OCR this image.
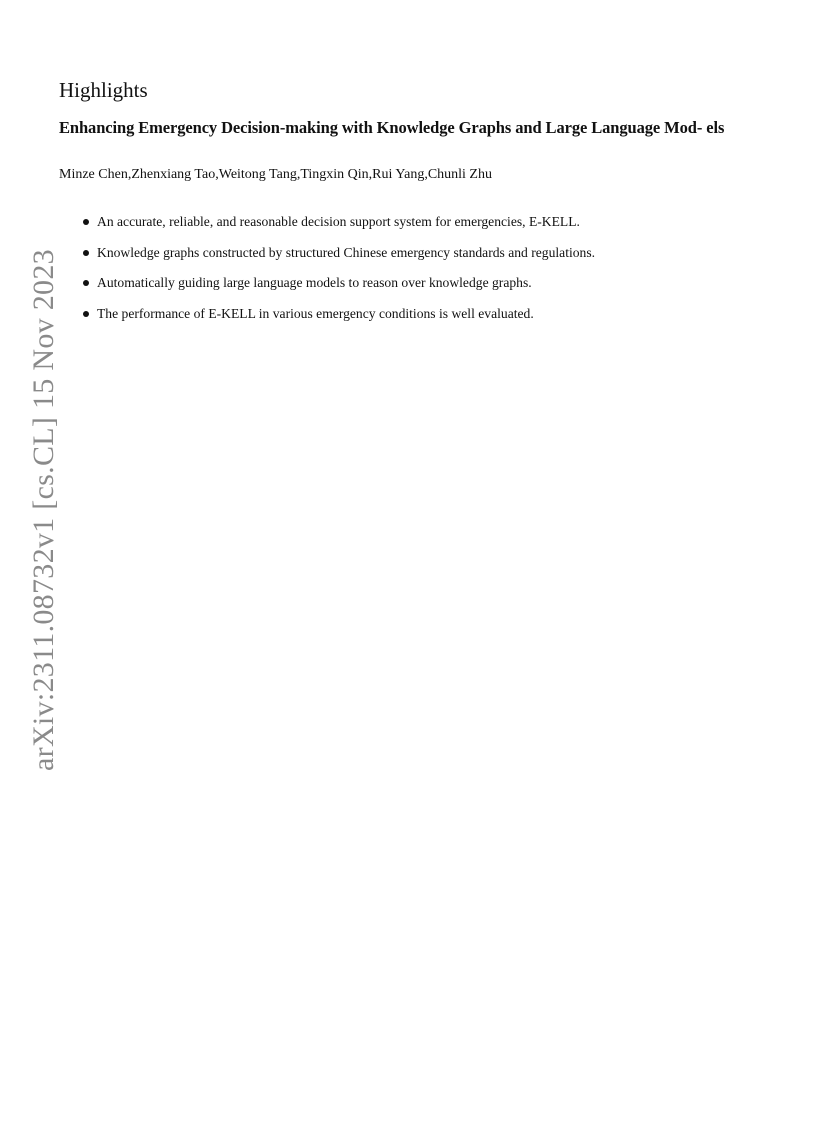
arXiv:2311.08732v1 [cs.CL] 15 Nov 2023
Highlights
Enhancing Emergency Decision-making with Knowledge Graphs and Large Language Mod- els

Minze Chen,Zhenxiang Tao,Weitong Tang,Tingxin Qin,Rui Yang,Chunli Zhu

An accurate, reliable, and reasonable decision support system for emergencies, E-KELL.
Knowledge graphs constructed by structured Chinese emergency standards and regulations.
Automatically guiding large language models to reason over knowledge graphs.
The performance of E-KELL in various emergency conditions is well evaluated.
